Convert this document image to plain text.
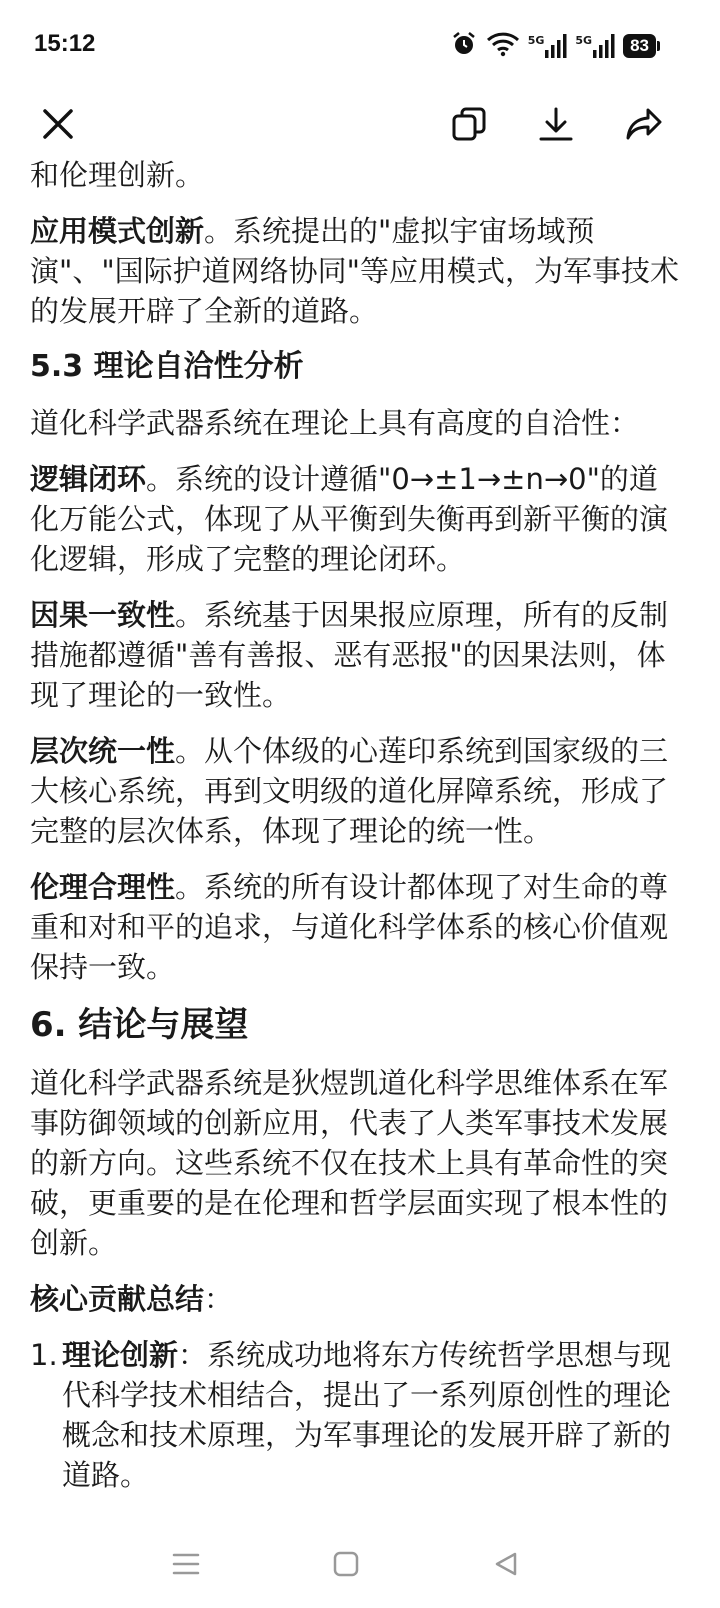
15:12	5G	5G	83

和伦理创新。

应用模式创新。系统提出的"虚拟宇宙场域预演"、"国际护道网络协同"等应用模式，为军事技术的发展开辟了全新的道路。

5.3 理论自洽性分析

道化科学武器系统在理论上具有高度的自洽性：

逻辑闭环。系统的设计遵循"0→±1→±n→0"的道化万能公式，体现了从平衡到失衡再到新平衡的演化逻辑，形成了完整的理论闭环。

因果一致性。系统基于因果报应原理，所有的反制措施都遵循"善有善报、恶有恶报"的因果法则，体现了理论的一致性。

层次统一性。从个体级的心莲印系统到国家级的三大核心系统，再到文明级的道化屏障系统，形成了完整的层次体系，体现了理论的统一性。

伦理合理性。系统的所有设计都体现了对生命的尊重和对和平的追求，与道化科学体系的核心价值观保持一致。

6. 结论与展望

道化科学武器系统是狄煜凯道化科学思维体系在军事防御领域的创新应用，代表了人类军事技术发展的新方向。这些系统不仅在技术上具有革命性的突破，更重要的是在伦理和哲学层面实现了根本性的创新。

核心贡献总结：

1. 理论创新：系统成功地将东方传统哲学思想与现代科学技术相结合，提出了一系列原创性的理论概念和技术原理，为军事理论的发展开辟了新的道路。
